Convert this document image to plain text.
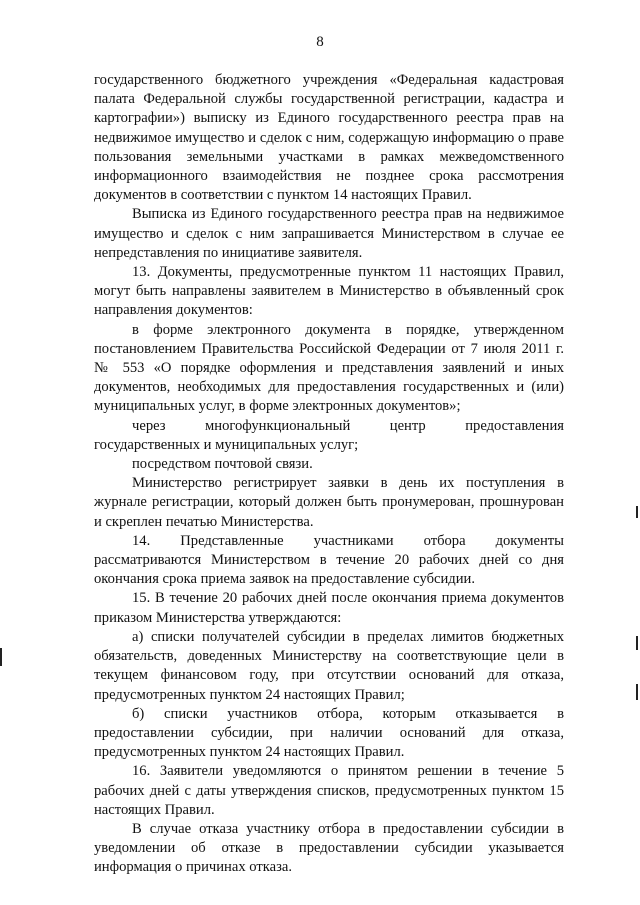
8

государственного бюджетного учреждения «Федеральная кадастровая палата Федеральной службы государственной регистрации, кадастра и картографии») выписку из Единого государственного реестра прав на недвижимое имущество и сделок с ним, содержащую информацию о праве пользования земельными участками в рамках межведомственного информационного взаимодействия не позднее срока рассмотрения документов в соответствии с пунктом 14 настоящих Правил.

Выписка из Единого государственного реестра прав на недвижимое имущество и сделок с ним запрашивается Министерством в случае ее непредставления по инициативе заявителя.

13. Документы, предусмотренные пунктом 11 настоящих Правил, могут быть направлены заявителем в Министерство в объявленный срок направления документов:

в форме электронного документа в порядке, утвержденном постановлением Правительства Российской Федерации от 7 июля 2011 г. № 553 «О порядке оформления и представления заявлений и иных документов, необходимых для предоставления государственных и (или) муниципальных услуг, в форме электронных документов»;

через многофункциональный центр предоставления государственных и муниципальных услуг;

посредством почтовой связи.

Министерство регистрирует заявки в день их поступления в журнале регистрации, который должен быть пронумерован, прошнурован и скреплен печатью Министерства.

14. Представленные участниками отбора документы рассматриваются Министерством в течение 20 рабочих дней со дня окончания срока приема заявок на предоставление субсидии.

15. В течение 20 рабочих дней после окончания приема документов приказом Министерства утверждаются:

а) списки получателей субсидии в пределах лимитов бюджетных обязательств, доведенных Министерству на соответствующие цели в текущем финансовом году, при отсутствии оснований для отказа, предусмотренных пунктом 24 настоящих Правил;

б) списки участников отбора, которым отказывается в предоставлении субсидии, при наличии оснований для отказа, предусмотренных пунктом 24 настоящих Правил.

16. Заявители уведомляются о принятом решении в течение 5 рабочих дней с даты утверждения списков, предусмотренных пунктом 15 настоящих Правил.

В случае отказа участнику отбора в предоставлении субсидии в уведомлении об отказе в предоставлении субсидии указывается информация о причинах отказа.
